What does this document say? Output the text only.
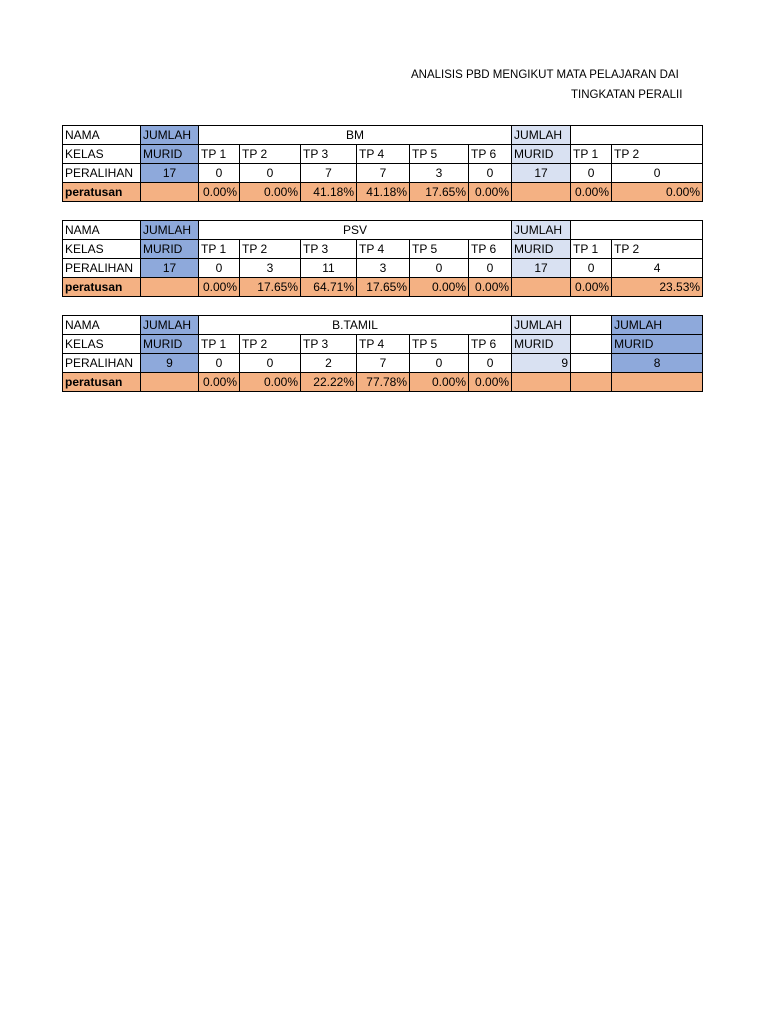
ANALISIS PBD MENGIKUT MATA PELAJARAN DAI
TINGKATAN PERALII
NAMA	JUMLAH	BM						JUMLAH		
KELAS	MURID	TP 1	TP 2	TP 3	TP 4	TP 5	TP 6	MURID	TP 1	TP 2
PERALIHAN	17	0	0	7	7	3	0	17	0	0
peratusan		0.00%	0.00%	41.18%	41.18%	17.65%	0.00%		0.00%	0.00%
NAMA	JUMLAH	PSV						JUMLAH		
KELAS	MURID	TP 1	TP 2	TP 3	TP 4	TP 5	TP 6	MURID	TP 1	TP 2
PERALIHAN	17	0	3	11	3	0	0	17	0	4
peratusan		0.00%	17.65%	64.71%	17.65%	0.00%	0.00%		0.00%	23.53%
NAMA	JUMLAH	B.TAMIL						JUMLAH		JUMLAH
KELAS	MURID	TP 1	TP 2	TP 3	TP 4	TP 5	TP 6	MURID		MURID
PERALIHAN	9	0	0	2	7	0	0	9		8
peratusan		0.00%	0.00%	22.22%	77.78%	0.00%	0.00%			
